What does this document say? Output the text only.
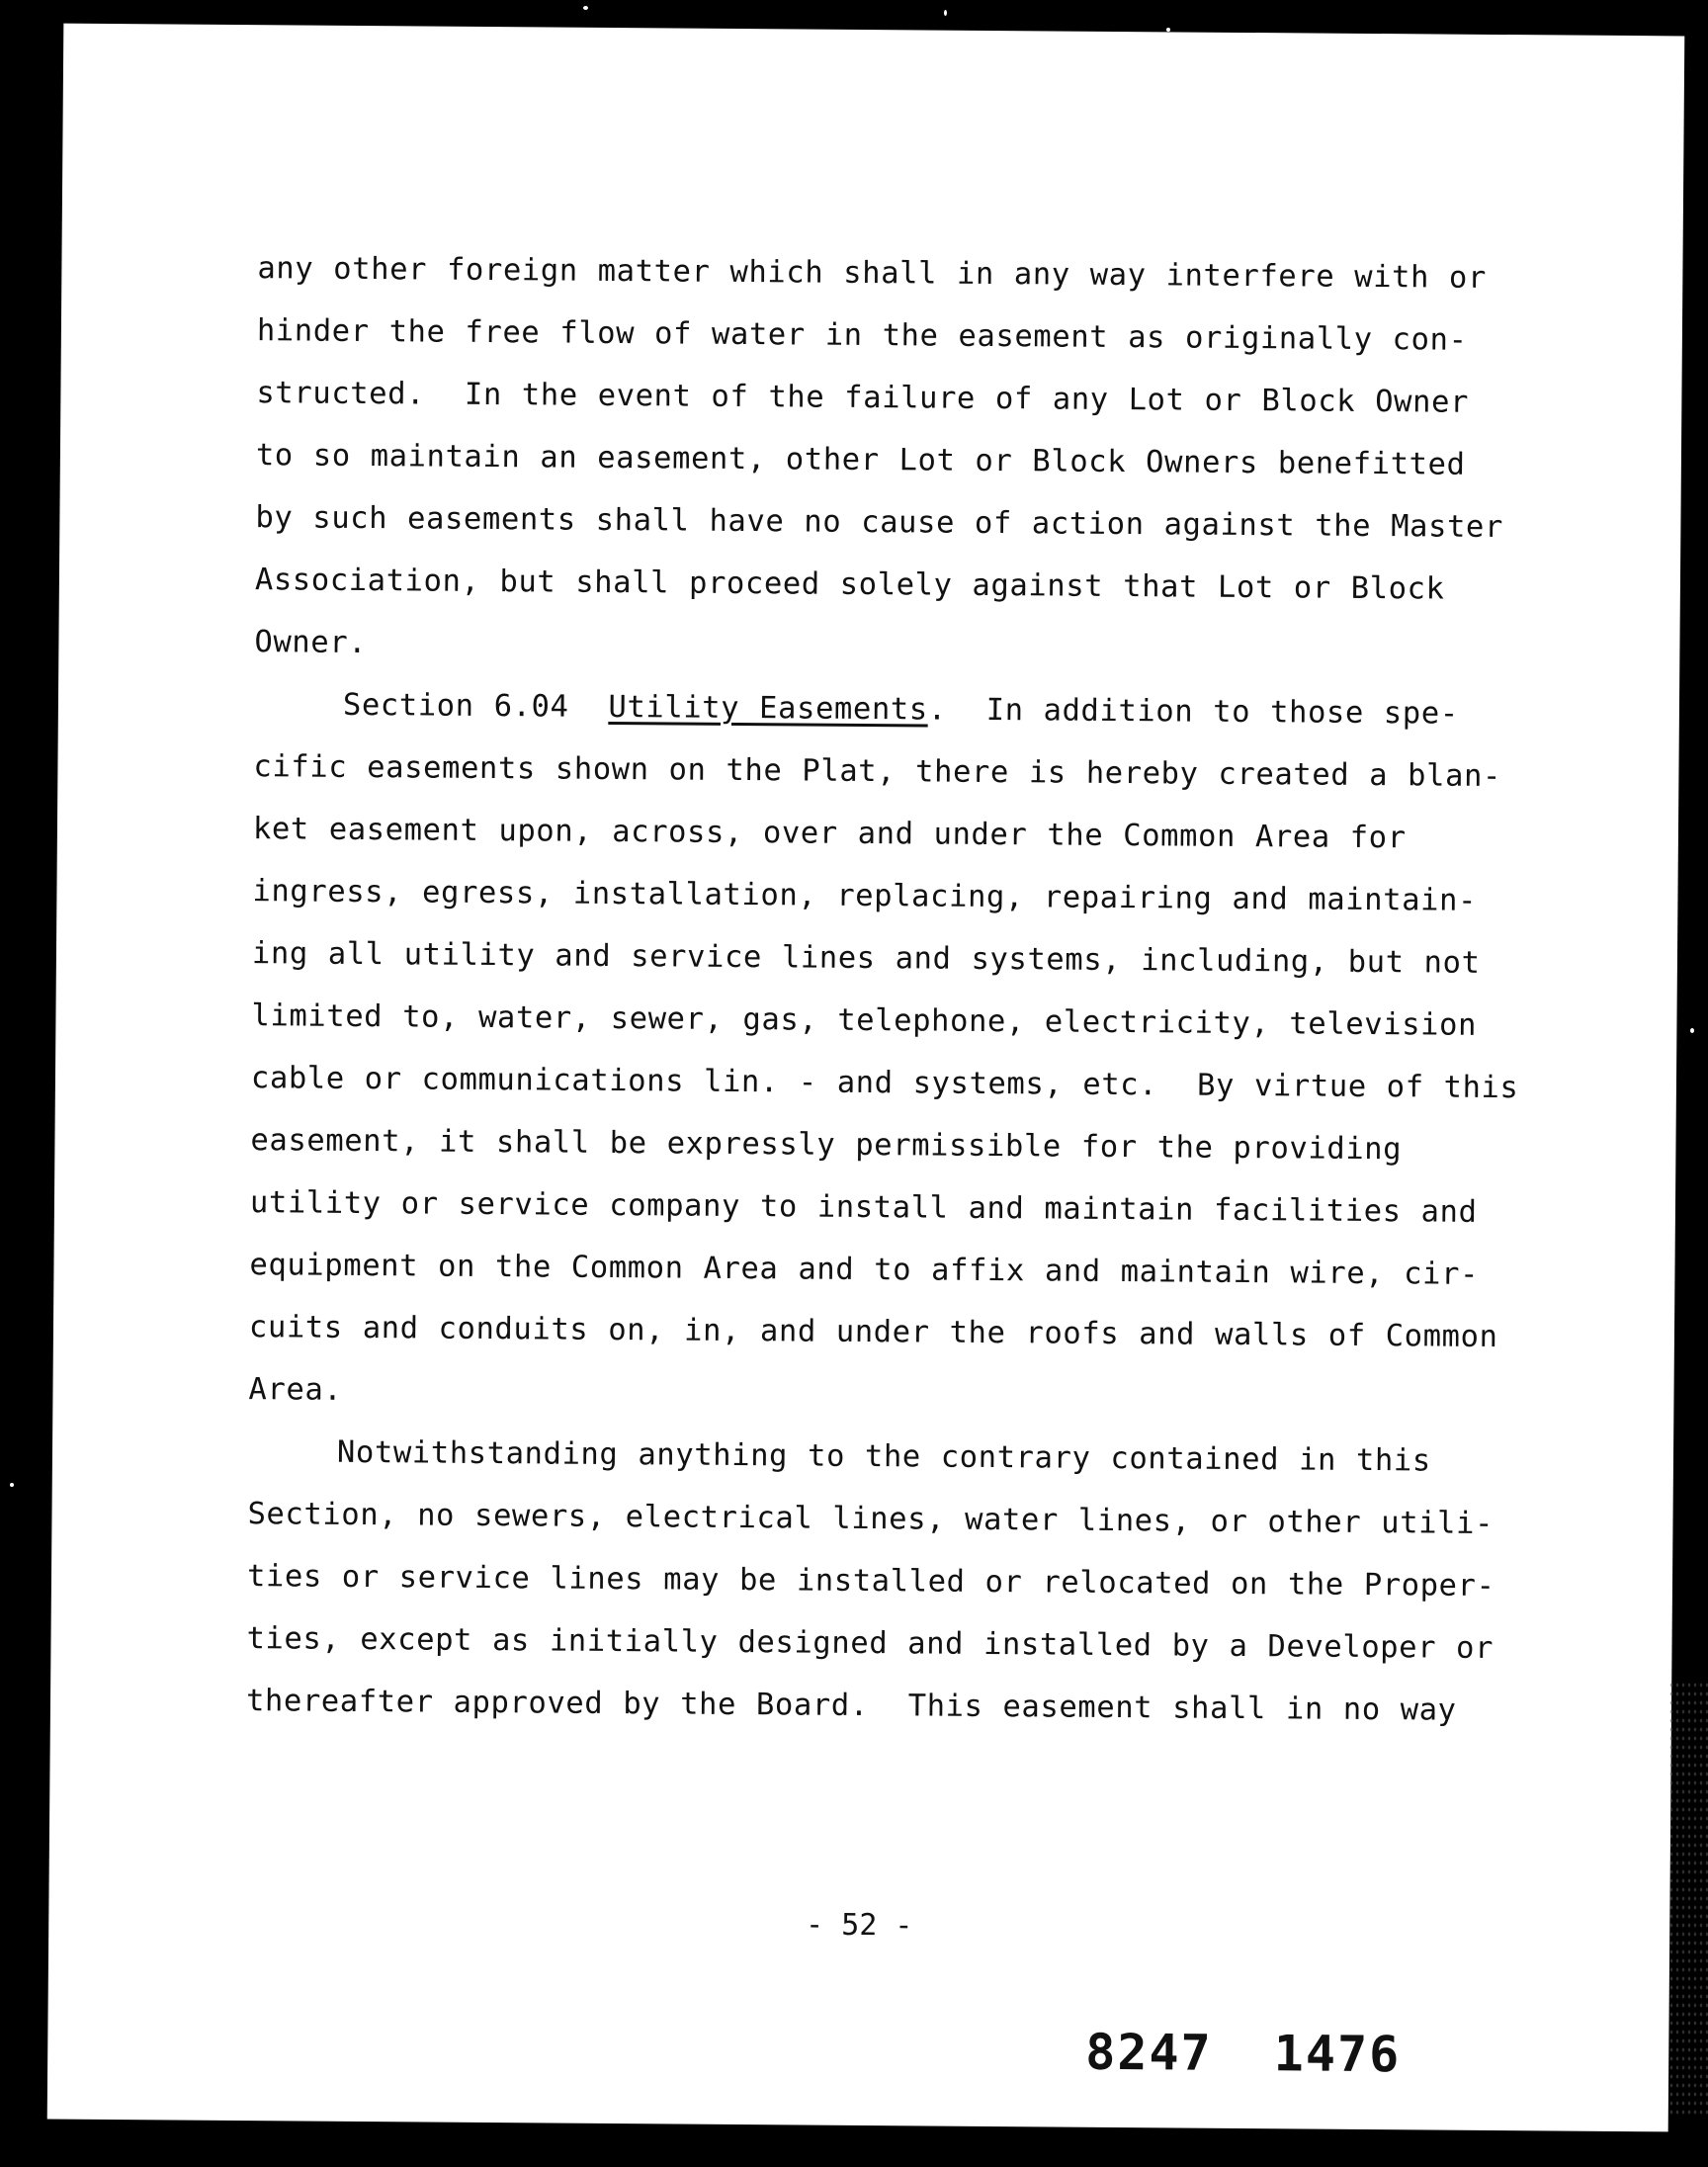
any other foreign matter which shall in any way interfere with or
hinder the free flow of water in the easement as originally con-
structed.  In the event of the failure of any Lot or Block Owner
to so maintain an easement, other Lot or Block Owners benefitted
by such easements shall have no cause of action against the Master
Association, but shall proceed solely against that Lot or Block
Owner.
Section 6.04 Utility Easements.  In addition to those spe-
cific easements shown on the Plat, there is hereby created a blan-
ket easement upon, across, over and under the Common Area for
ingress, egress, installation, replacing, repairing and maintain-
ing all utility and service lines and systems, including, but not
limited to, water, sewer, gas, telephone, electricity, television
cable or communications lin. - and systems, etc.  By virtue of this
easement, it shall be expressly permissible for the providing
utility or service company to install and maintain facilities and
equipment on the Common Area and to affix and maintain wire, cir-
cuits and conduits on, in, and under the roofs and walls of Common
Area.
Notwithstanding anything to the contrary contained in this
Section, no sewers, electrical lines, water lines, or other utili-
ties or service lines may be installed or relocated on the Proper-
ties, except as initially designed and installed by a Developer or
thereafter approved by the Board.  This easement shall in no way
- 52 -
8247 1476
